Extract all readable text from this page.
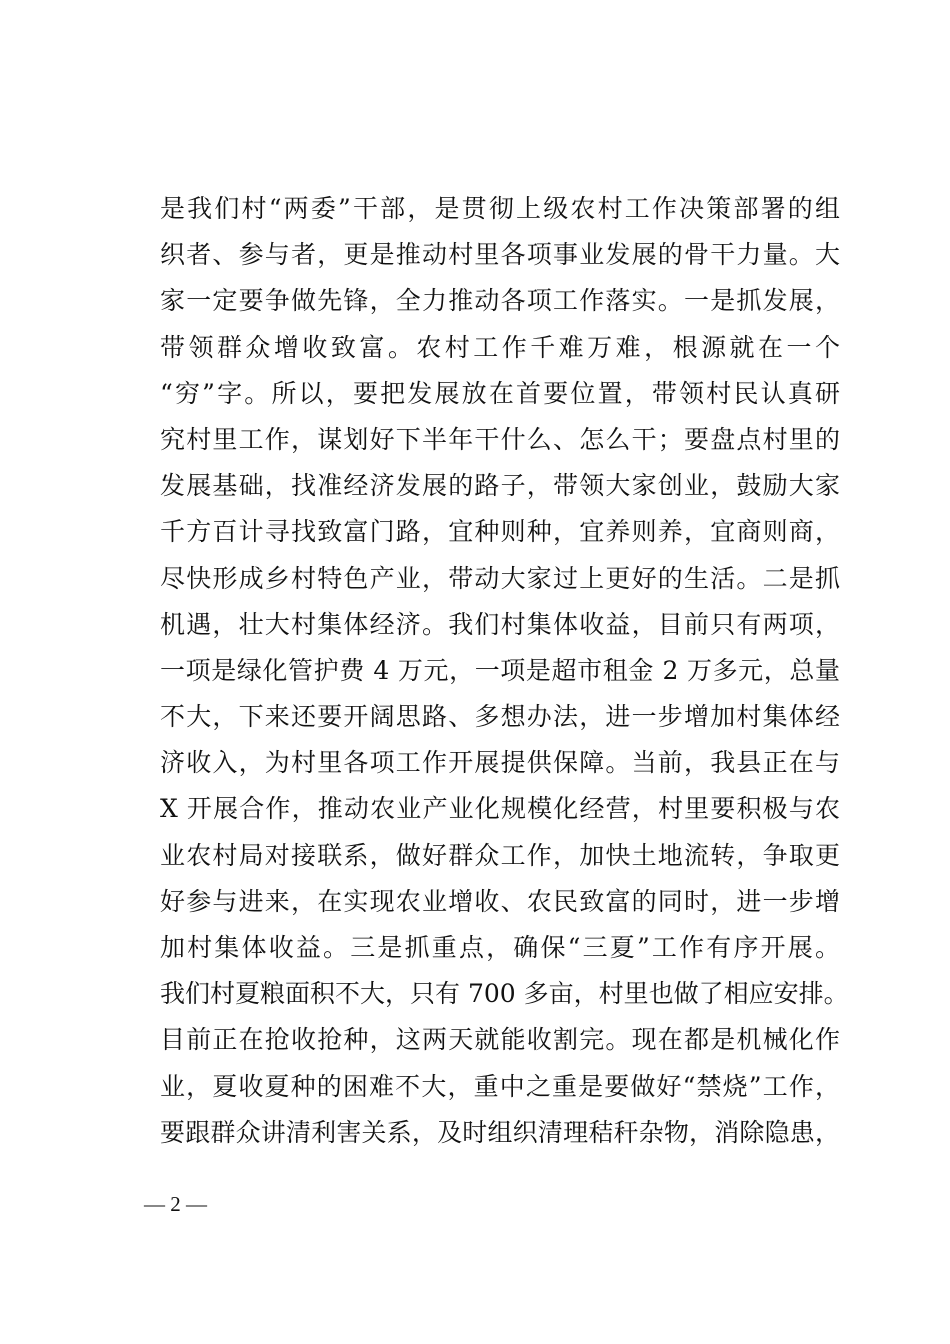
是我们村“两委”干部，是贯彻上级农村工作决策部署的组
织者、参与者，更是推动村里各项事业发展的骨干力量。大
家一定要争做先锋，全力推动各项工作落实。一是抓发展，
带领群众增收致富。农村工作千难万难，根源就在一个
“穷”字。所以，要把发展放在首要位置，带领村民认真研
究村里工作，谋划好下半年干什么、怎么干；要盘点村里的
发展基础，找准经济发展的路子，带领大家创业，鼓励大家
千方百计寻找致富门路，宜种则种，宜养则养，宜商则商，
尽快形成乡村特色产业，带动大家过上更好的生活。二是抓
机遇，壮大村集体经济。我们村集体收益，目前只有两项，
一项是绿化管护费 4 万元，一项是超市租金 2 万多元，总量
不大，下来还要开阔思路、多想办法，进一步增加村集体经
济收入，为村里各项工作开展提供保障。当前，我县正在与
X 开展合作，推动农业产业化规模化经营，村里要积极与农
业农村局对接联系，做好群众工作，加快土地流转，争取更
好参与进来，在实现农业增收、农民致富的同时，进一步增
加村集体收益。三是抓重点，确保“三夏”工作有序开展。
我们村夏粮面积不大，只有 700 多亩，村里也做了相应安排。
目前正在抢收抢种，这两天就能收割完。现在都是机械化作
业，夏收夏种的困难不大，重中之重是要做好“禁烧”工作，
要跟群众讲清利害关系，及时组织清理秸秆杂物，消除隐患，
— 2 —
